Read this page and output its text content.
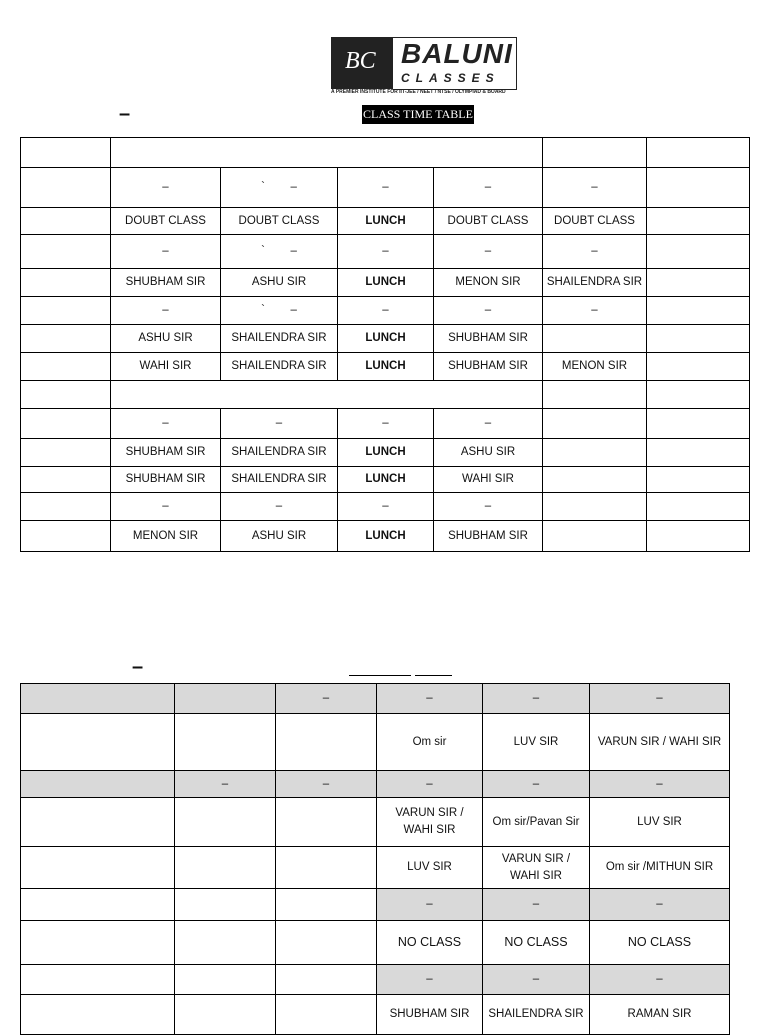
BC BALUNI
CLASSES
A PREMIER INSTITUTE FOR IIT-JEE / NEET / NTSE / OLYMPIAD & BOARD
–	CLASS TIME TABLE

	–	`        –	–	–	–	
	DOUBT CLASS	DOUBT CLASS	LUNCH	DOUBT CLASS	DOUBT CLASS	
	–	`        –	–	–	–	
	SHUBHAM SIR	ASHU SIR	LUNCH	MENON SIR	SHAILENDRA SIR	
	–	`        –	–	–	–	
	ASHU SIR	SHAILENDRA SIR	LUNCH	SHUBHAM SIR		
	WAHI SIR	SHAILENDRA SIR	LUNCH	SHUBHAM SIR	MENON SIR	

	–	–	–	–		
	SHUBHAM SIR	SHAILENDRA SIR	LUNCH	ASHU SIR		
	SHUBHAM SIR	SHAILENDRA SIR	LUNCH	WAHI SIR		
	–	–	–	–		
	MENON SIR	ASHU SIR	LUNCH	SHUBHAM SIR		
–
		–	–	–	–
			Om sir	LUV SIR	VARUN SIR / WAHI SIR
	–	–	–	–	–
			VARUN SIR / WAHI SIR	Om sir/Pavan Sir	LUV SIR
			LUV SIR	VARUN SIR / WAHI SIR	Om sir /MITHUN SIR
			–	–	–
			NO CLASS	NO CLASS	NO CLASS
			–	–	–
			SHUBHAM SIR	SHAILENDRA SIR	RAMAN SIR
